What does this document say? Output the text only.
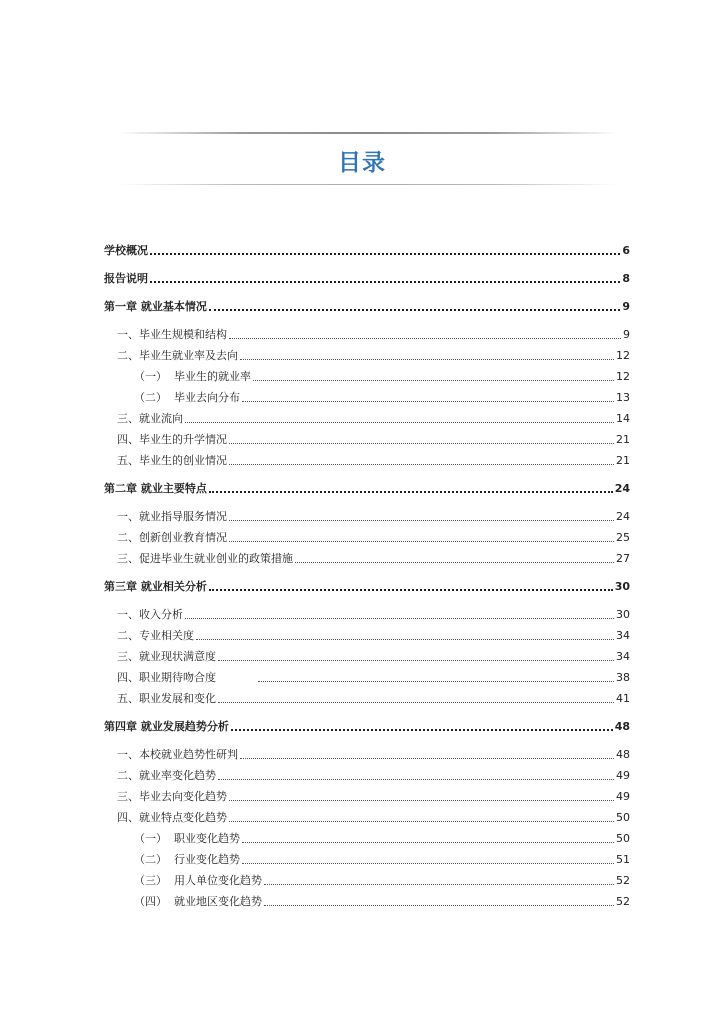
目录
学校概况	6
报告说明	8
第一章 就业基本情况	9
一、毕业生规模和结构	9
二、毕业生就业率及去向	12
（一） 毕业生的就业率	12
（二） 毕业去向分布	13
三、就业流向	14
四、毕业生的升学情况	21
五、毕业生的创业情况	21
第二章 就业主要特点	24
一、就业指导服务情况	24
二、创新创业教育情况	25
三、促进毕业生就业创业的政策措施	27
第三章 就业相关分析	30
一、收入分析	30
二、专业相关度	34
三、就业现状满意度	34
四、职业期待吻合度	38
五、职业发展和变化	41
第四章 就业发展趋势分析	48
一、本校就业趋势性研判	48
二、就业率变化趋势	49
三、毕业去向变化趋势	49
四、就业特点变化趋势	50
（一） 职业变化趋势	50
（二） 行业变化趋势	51
（三） 用人单位变化趋势	52
（四） 就业地区变化趋势	52
